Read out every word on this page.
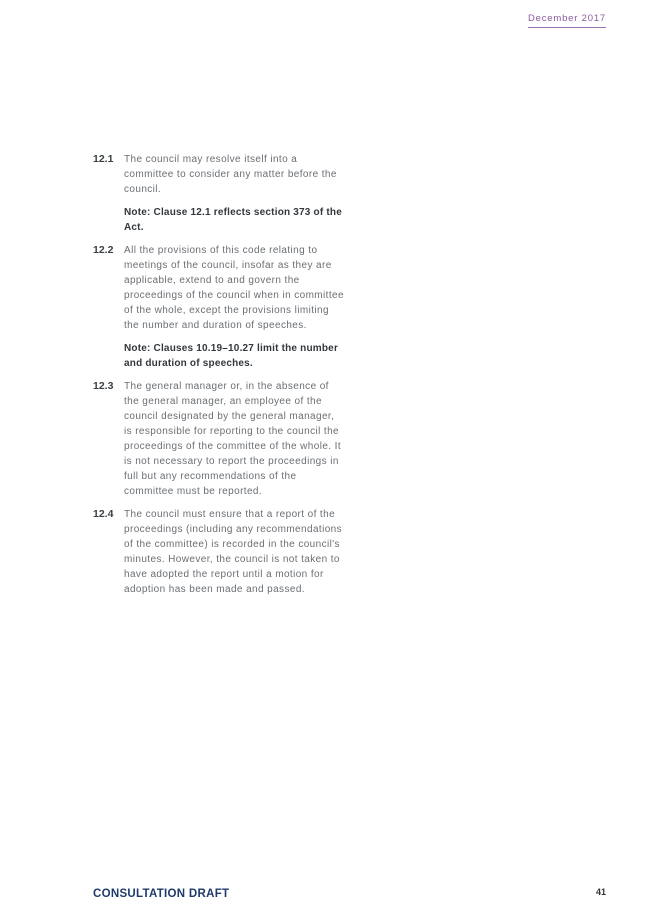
December 2017
12.1	The council may resolve itself into a committee to consider any matter before the council.

Note: Clause 12.1 reflects section 373 of the Act.

12.2	All the provisions of this code relating to meetings of the council, insofar as they are applicable, extend to and govern the proceedings of the council when in committee of the whole, except the provisions limiting the number and duration of speeches.

Note: Clauses 10.19–10.27 limit the number and duration of speeches.

12.3	The general manager or, in the absence of the general manager, an employee of the council designated by the general manager, is responsible for reporting to the council the proceedings of the committee of the whole. It is not necessary to report the proceedings in full but any recommendations of the committee must be reported.

12.4	The council must ensure that a report of the proceedings (including any recommendations of the committee) is recorded in the council's minutes. However, the council is not taken to have adopted the report until a motion for adoption has been made and passed.

CONSULTATION DRAFT	41
